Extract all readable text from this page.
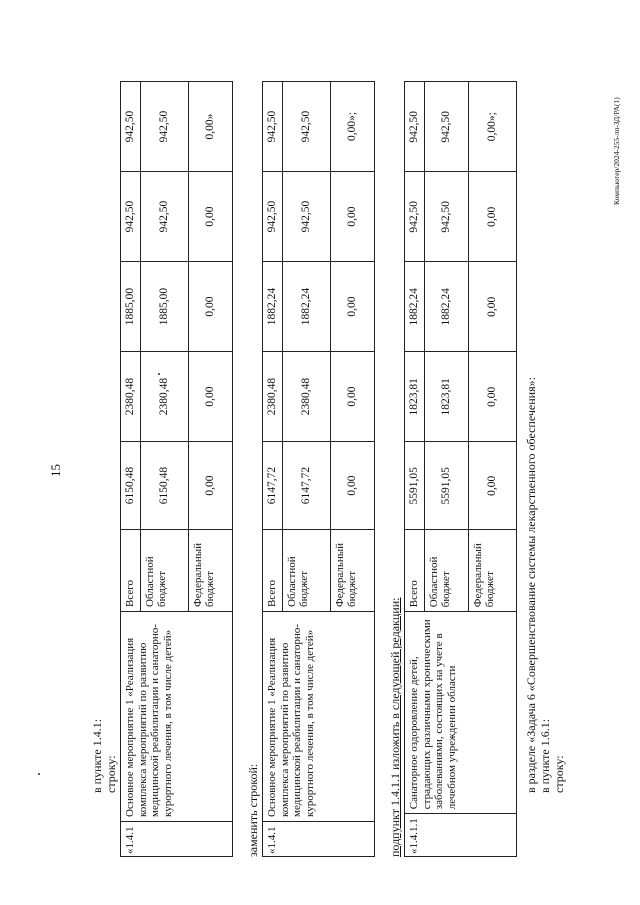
15
в пункте 1.4.1: строку:
«1.4.1	Основное мероприятие 1 «Реализация комплекса мероприятий по развитию медицинской реабилитации и санаторно-курортного лечения, в том числе детей»	Всего	6150,48	2380,48	1885,00	942,50	942,50
		Областной бюджет	6150,48	2380,48	1885,00	942,50	942,50
		Федеральный бюджет	0,00	0,00	0,00	0,00	0,00»
заменить строкой: «1.4.1	Основное мероприятие 1 «Реализация комплекса мероприятий по развитию медицинской реабилитации и санаторно-курортного лечения, в том числе детей»	Всего	6147,72	2380,48	1882,24	942,50	942,50
		Областной бюджет	6147,72	2380,48	1882,24	942,50	942,50
		Федеральный бюджет	0,00	0,00	0,00	0,00	0,00»;
подпункт 1.4.1.1 изложить в следующей редакции: «1.4.1.1	Санаторное оздоровление детей, страдающих различными хроническими заболеваниями, состоящих на учете в лечебном учреждении области	Всего	5591,05	1823,81	1882,24	942,50	942,50
		Областной бюджет	5591,05	1823,81	1882,24	942,50	942,50
		Федеральный бюджет	0,00	0,00	0,00	0,00	0,00»;
в разделе «Задача 6 «Совершенствование системы лекарственного обеспечения»: в пункте 1.6.1: строку:
Компьютер/2024-255-лп-ЗД/РА(1)
